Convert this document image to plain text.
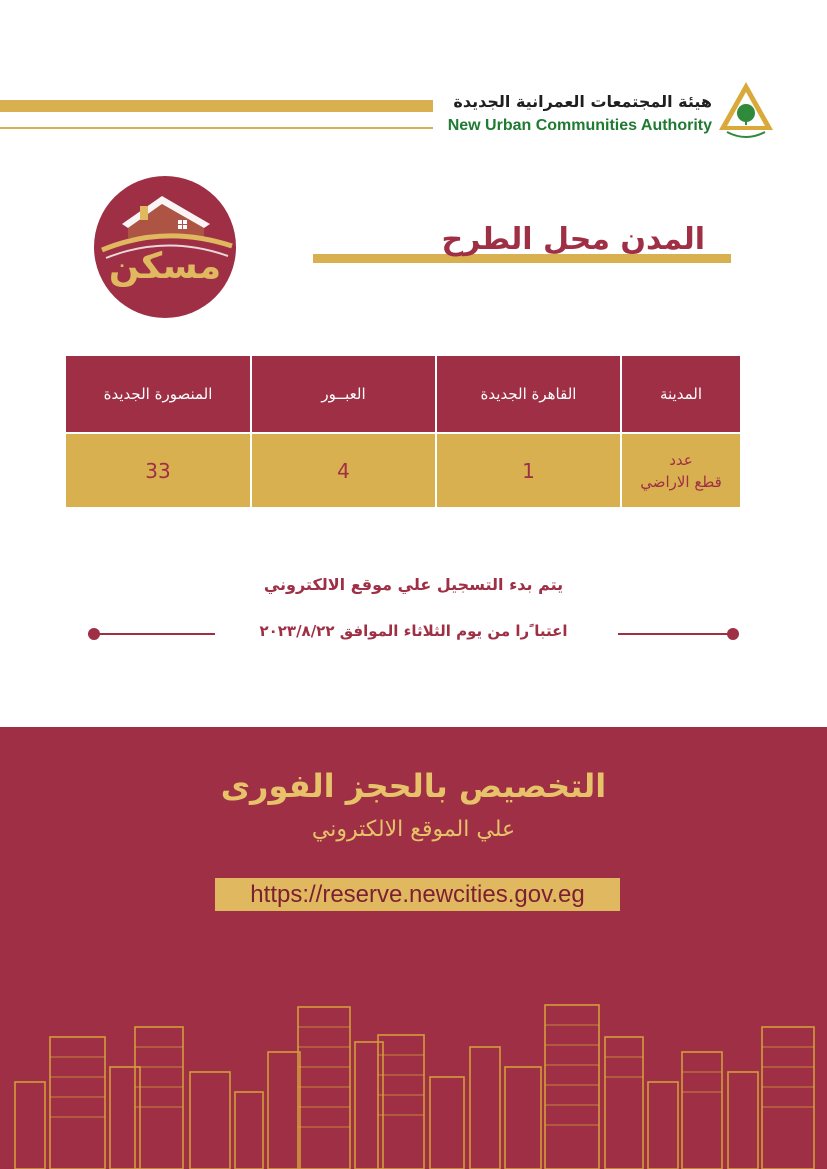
هيئة المجتمعات العمرانية الجديدة
New Urban Communities Authority
مسكن
المدن محل الطرح
المدينة
القاهرة الجديدة
العبــور
المنصورة الجديدة
عدد
قطع الاراضي
1
4
33
يتم بدء التسجيل علي موقع الالكتروني
اعتبا ًرا من يوم الثلاثاء الموافق ٢٠٢٣/٨/٢٢
التخصيص بالحجز الفورى
علي الموقع الالكتروني
https://reserve.newcities.gov.eg
